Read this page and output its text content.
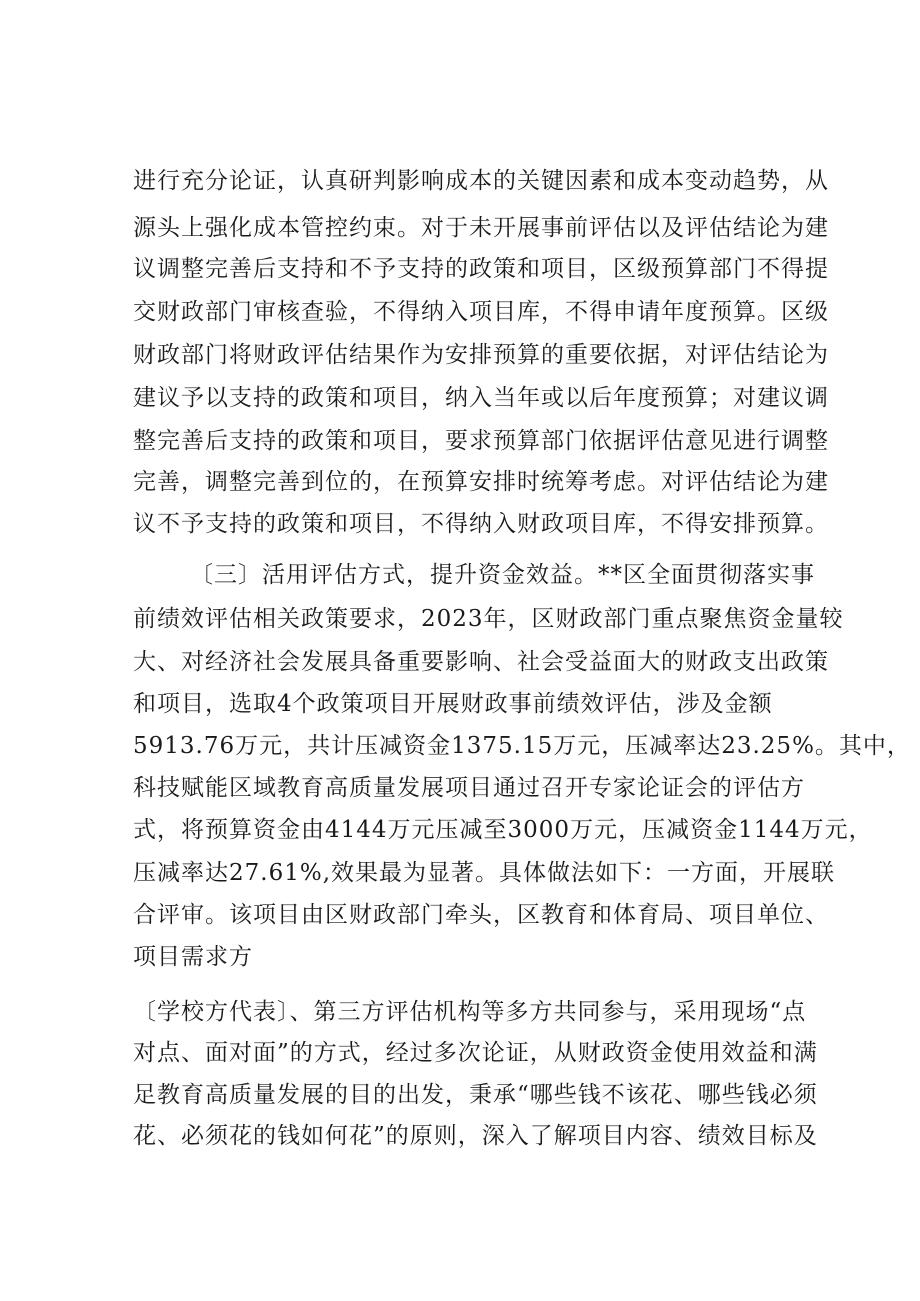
进行充分论证，认真研判影响成本的关键因素和成本变动趋势，从
源头上强化成本管控约束。对于未开展事前评估以及评估结论为建
议调整完善后支持和不予支持的政策和项目，区级预算部门不得提
交财政部门审核查验，不得纳入项目库，不得申请年度预算。区级
财政部门将财政评估结果作为安排预算的重要依据，对评估结论为
建议予以支持的政策和项目，纳入当年或以后年度预算；对建议调
整完善后支持的政策和项目，要求预算部门依据评估意见进行调整
完善，调整完善到位的，在预算安排时统筹考虑。对评估结论为建
议不予支持的政策和项目，不得纳入财政项目库，不得安排预算。
〔三〕活用评估方式，提升资金效益。**区全面贯彻落实事
前绩效评估相关政策要求，2023年，区财政部门重点聚焦资金量较
大、对经济社会发展具备重要影响、社会受益面大的财政支出政策
和项目，选取4个政策项目开展财政事前绩效评估，涉及金额
5913.76万元，共计压减资金1375.15万元，压减率达23.25%。其中，
科技赋能区域教育高质量发展项目通过召开专家论证会的评估方
式，将预算资金由4144万元压减至3000万元，压减资金1144万元，
压减率达27.61%,效果最为显著。具体做法如下：一方面，开展联
合评审。该项目由区财政部门牵头，区教育和体育局、项目单位、
项目需求方
〔学校方代表〕、第三方评估机构等多方共同参与，采用现场“点
对点、面对面”的方式，经过多次论证，从财政资金使用效益和满
足教育高质量发展的目的出发，秉承“哪些钱不该花、哪些钱必须
花、必须花的钱如何花”的原则，深入了解项目内容、绩效目标及
